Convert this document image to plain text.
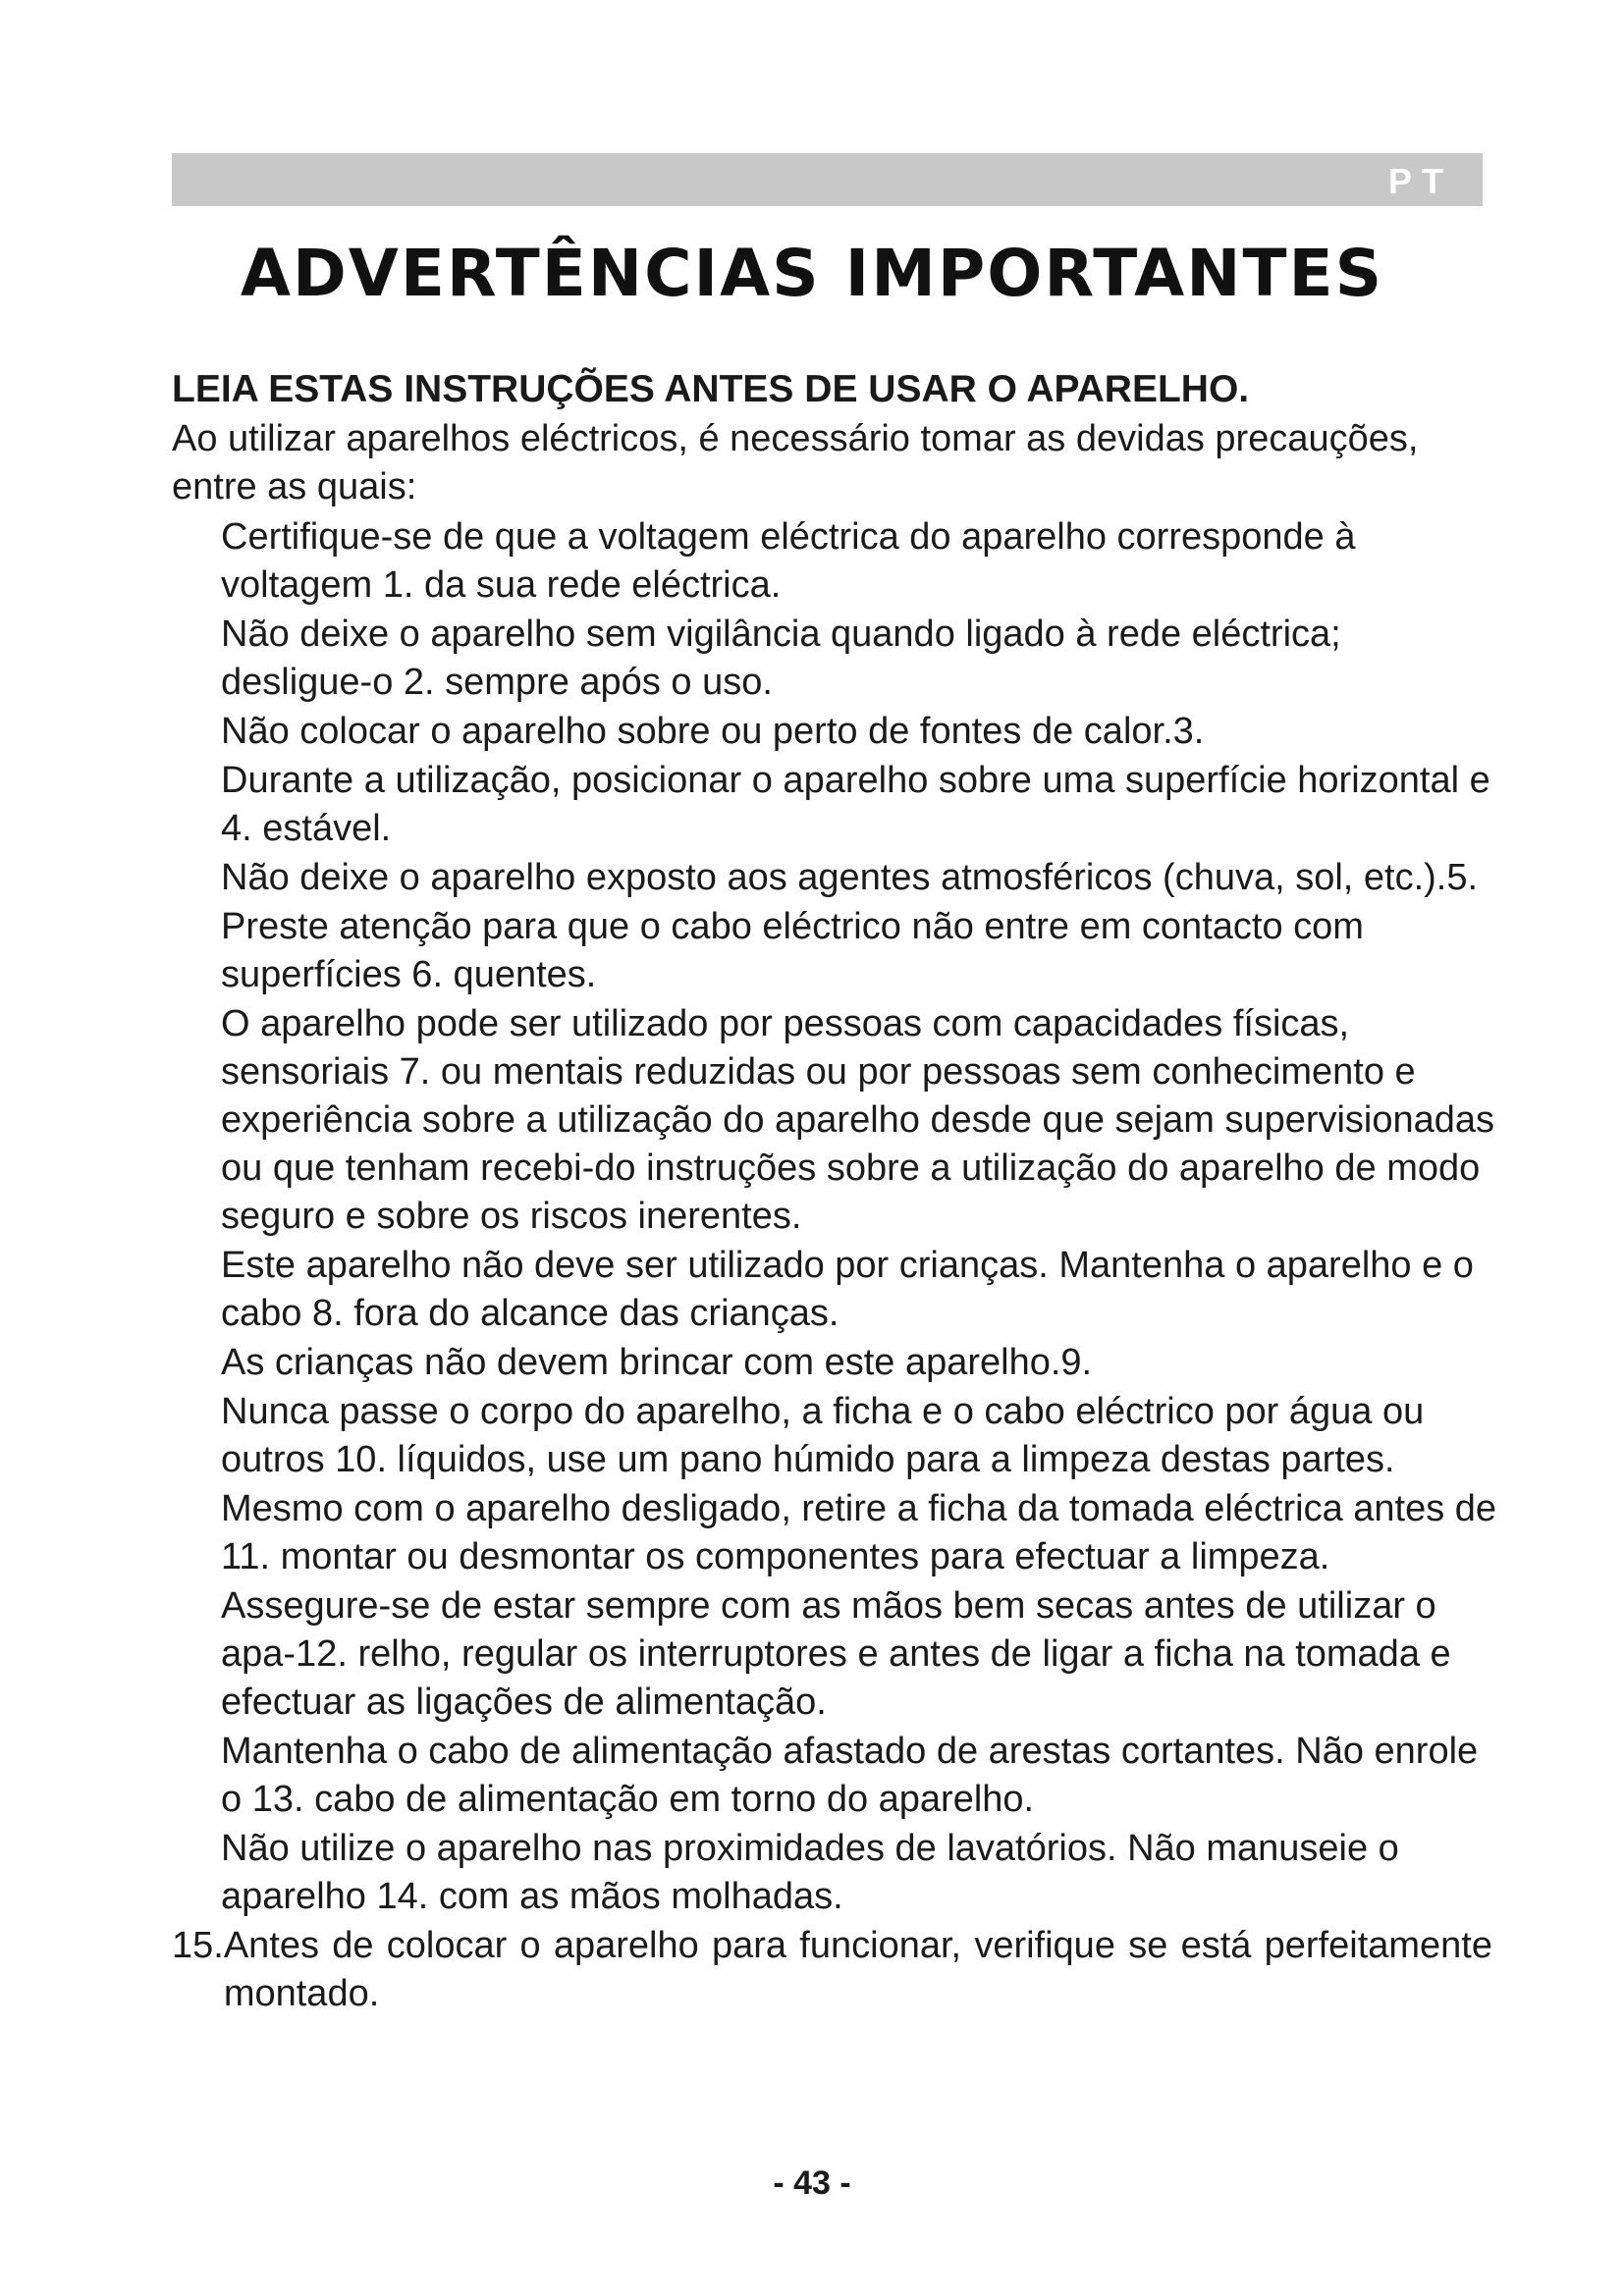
PT
ADVERTÊNCIAS IMPORTANTES

LEIA ESTAS INSTRUÇÕES ANTES DE USAR O APARELHO.

Ao utilizar aparelhos eléctricos, é necessário tomar as devidas precauções, entre as quais:

Certifique-se de que a voltagem eléctrica do aparelho corresponde à voltagem 1. da sua rede eléctrica.
Não deixe o aparelho sem vigilância quando ligado à rede eléctrica; desligue-o 2. sempre após o uso.
Não colocar o aparelho sobre ou perto de fontes de calor.3.
Durante a utilização, posicionar o aparelho sobre uma superfície horizontal e 4. estável.
Não deixe o aparelho exposto aos agentes atmosféricos (chuva, sol, etc.).5.
Preste atenção para que o cabo eléctrico não entre em contacto com superfícies 6. quentes.
O aparelho pode ser utilizado por pessoas com capacidades físicas, sensoriais 7. ou mentais reduzidas ou por pessoas sem conhecimento e experiência sobre a utilização do aparelho desde que sejam supervisionadas ou que tenham recebi-do instruções sobre a utilização do aparelho de modo seguro e sobre os riscos inerentes.
Este aparelho não deve ser utilizado por crianças. Mantenha o aparelho e o cabo 8. fora do alcance das crianças.
As crianças não devem brincar com este aparelho.9.
Nunca passe o corpo do aparelho, a ficha e o cabo eléctrico por água ou outros 10. líquidos, use um pano húmido para a limpeza destas partes.
Mesmo com o aparelho desligado, retire a ficha da tomada eléctrica antes de 11. montar ou desmontar os componentes para efectuar a limpeza.
Assegure-se de estar sempre com as mãos bem secas antes de utilizar o apa-12. relho, regular os interruptores e antes de ligar a ficha na tomada e efectuar as ligações de alimentação.
Mantenha o cabo de alimentação afastado de arestas cortantes. Não enrole o 13. cabo de alimentação em torno do aparelho.
Não utilize o aparelho nas proximidades de lavatórios. Não manuseie o aparelho 14. com as mãos molhadas.
15. Antes de colocar o aparelho para funcionar, verifique se está perfeitamente montado.
- 43 -
